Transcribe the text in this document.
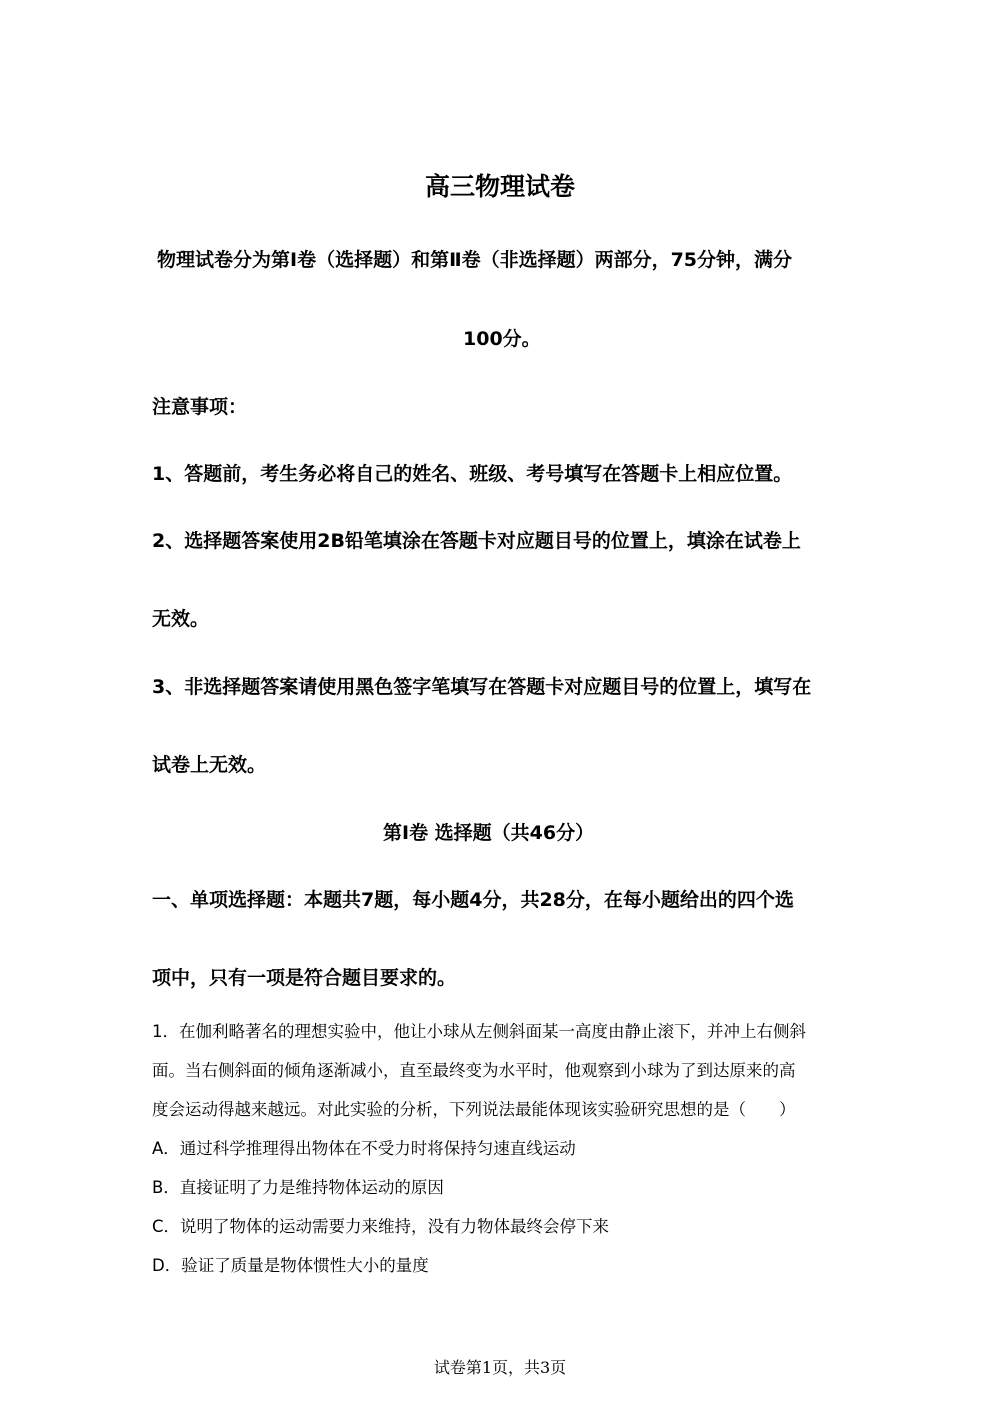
高三物理试卷
物理试卷分为第Ⅰ卷（选择题）和第Ⅱ卷（非选择题）两部分，75分钟，满分
100分。
注意事项：
1、答题前，考生务必将自己的姓名、班级、考号填写在答题卡上相应位置。
2、选择题答案使用2B铅笔填涂在答题卡对应题目号的位置上，填涂在试卷上
无效。
3、非选择题答案请使用黑色签字笔填写在答题卡对应题目号的位置上，填写在
试卷上无效。
第Ⅰ卷 选择题（共46分）
一、单项选择题：本题共7题，每小题4分，共28分，在每小题给出的四个选
项中，只有一项是符合题目要求的。
1．在伽利略著名的理想实验中，他让小球从左侧斜面某一高度由静止滚下，并冲上右侧斜
面。当右侧斜面的倾角逐渐减小，直至最终变为水平时，他观察到小球为了到达原来的高
度会运动得越来越远。对此实验的分析，下列说法最能体现该实验研究思想的是（　　）
A．通过科学推理得出物体在不受力时将保持匀速直线运动
B．直接证明了力是维持物体运动的原因
C．说明了物体的运动需要力来维持，没有力物体最终会停下来
D．验证了质量是物体惯性大小的量度
试卷第1页，共3页
